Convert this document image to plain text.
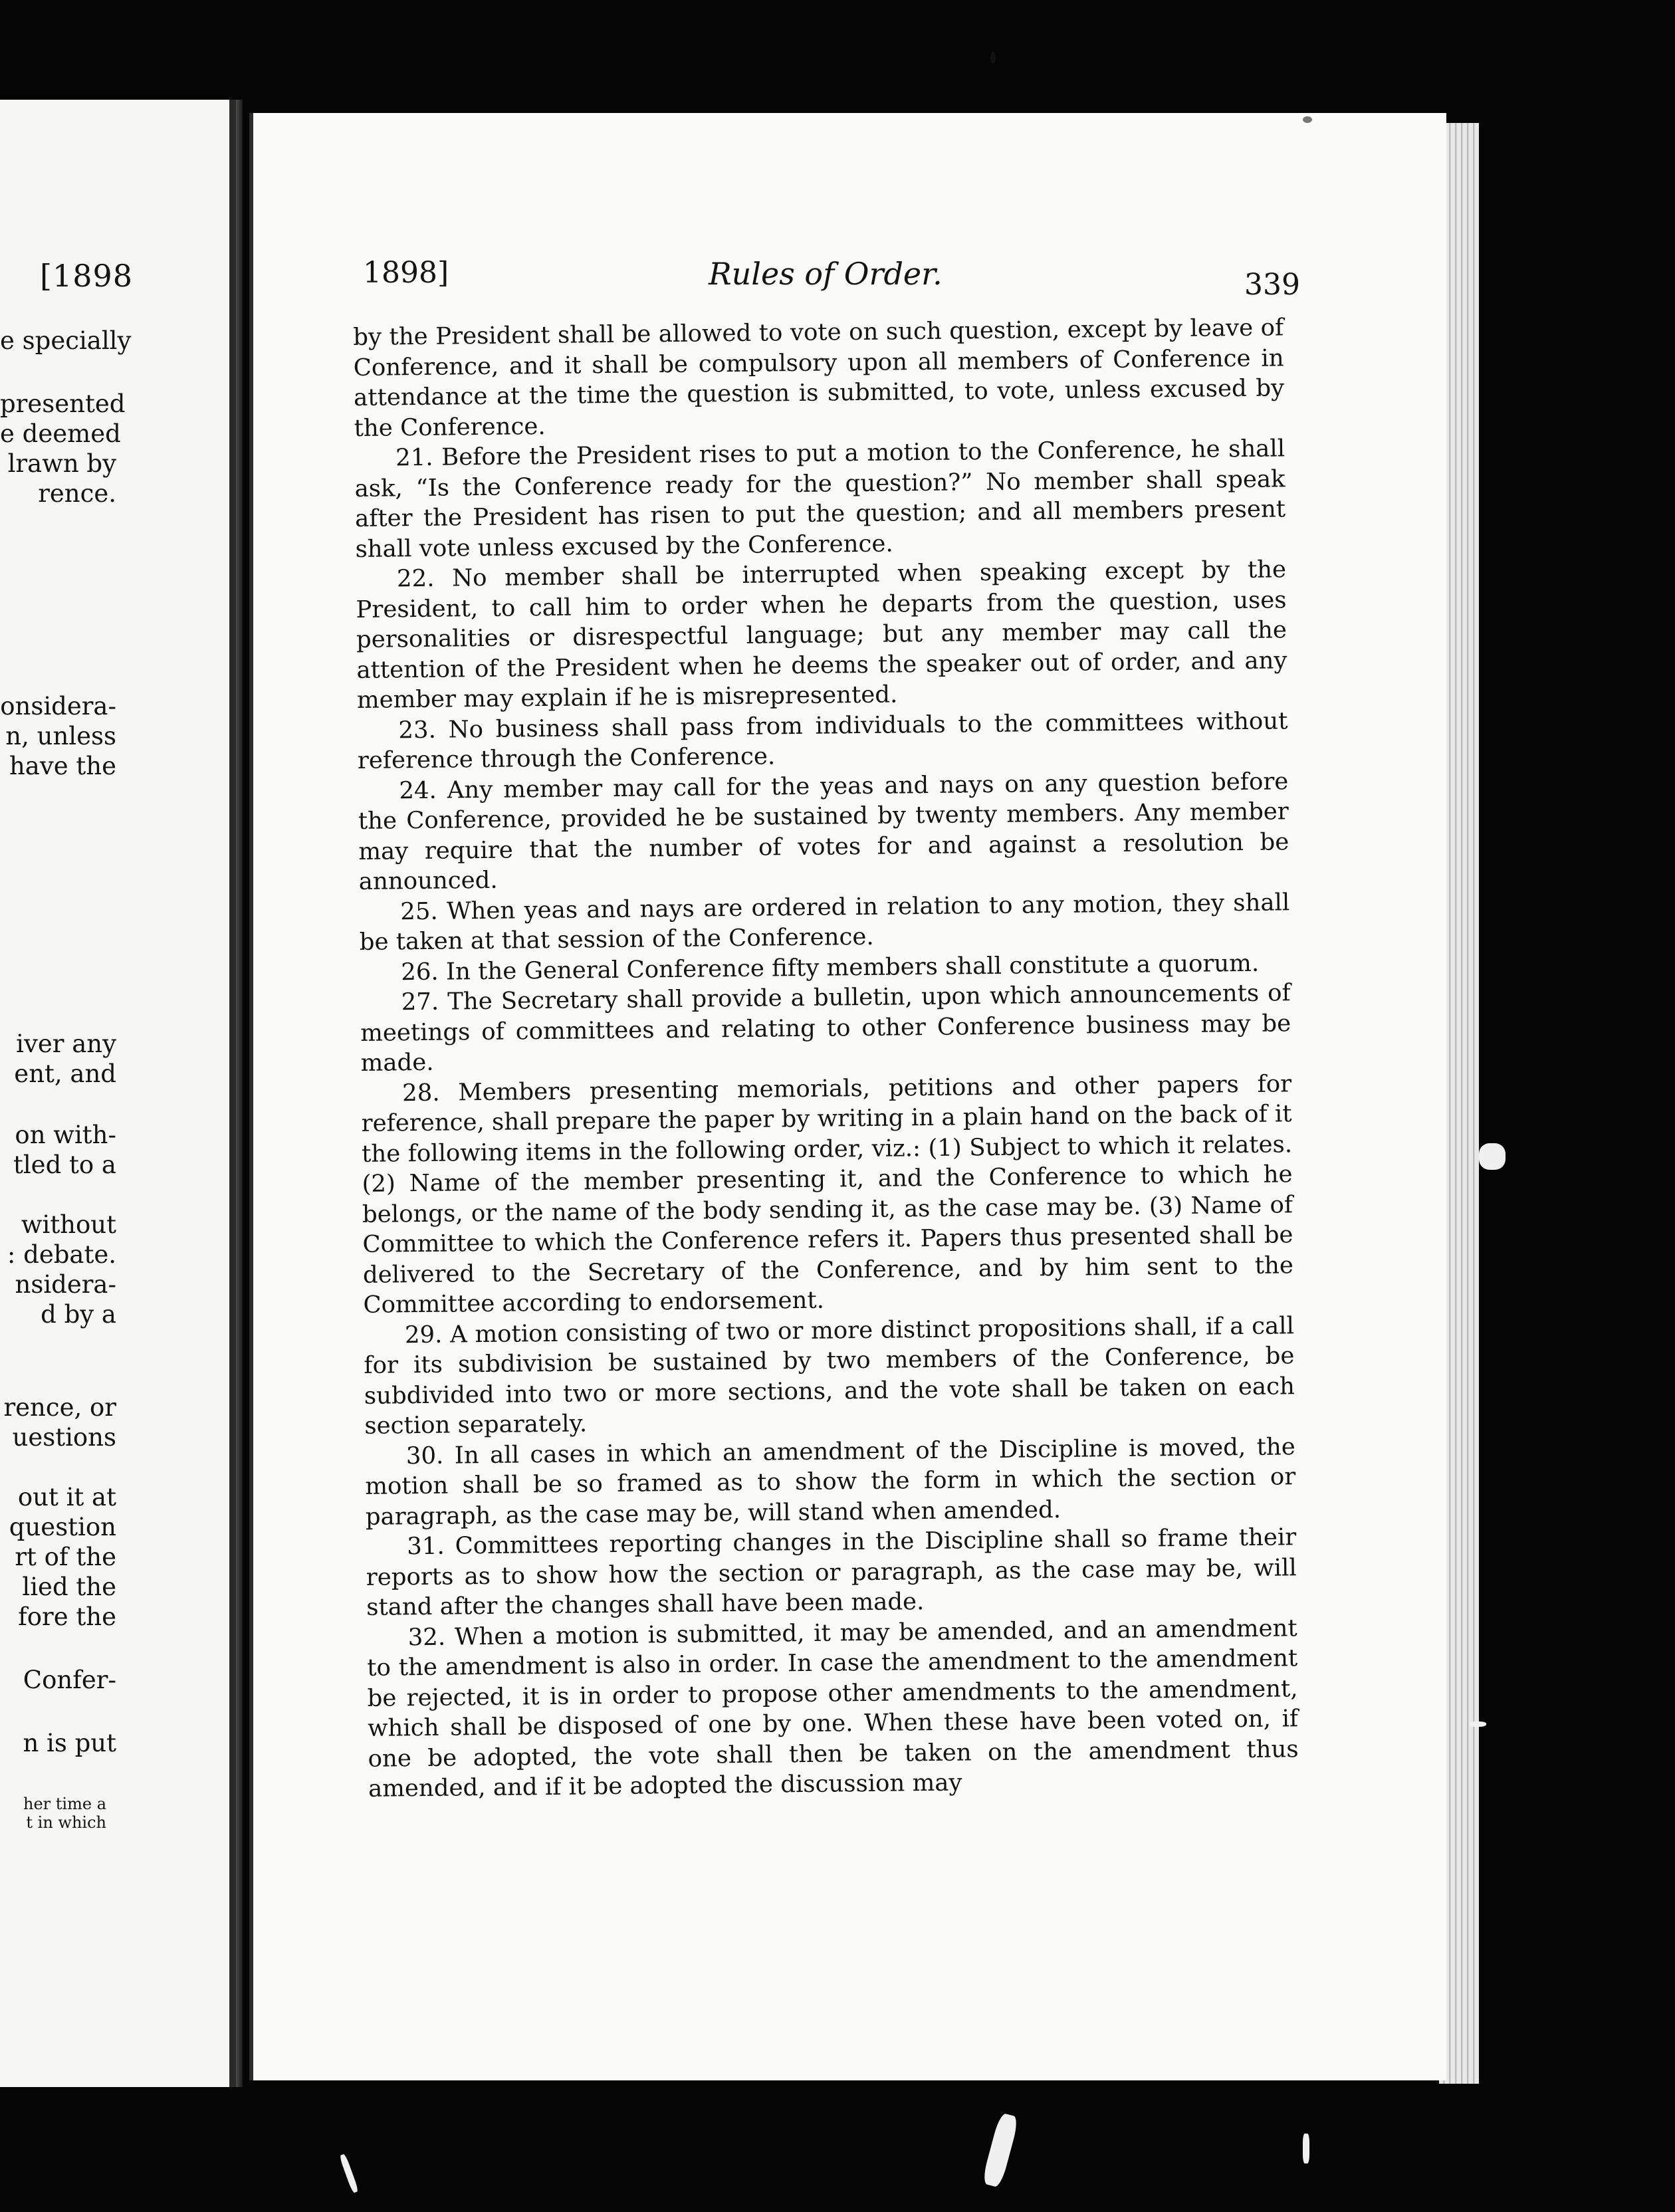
[1898
e specially
presented
e deemed
lrawn by
rence.
onsidera-
n, unless
have the
iver any
ent, and
on with-
tled to a
without
: debate.
nsidera-
d by a
rence, or
uestions
out it at
question
rt of the
lied the
fore the
Confer-
n is put
her time a
t in which
1898]	Rules of Order.	339

by the President shall be allowed to vote on such question, except by leave of Conference, and it shall be compulsory upon all members of Conference in attendance at the time the question is submitted, to vote, unless excused by the Conference.

21. Before the President rises to put a motion to the Conference, he shall ask, “Is the Conference ready for the question?” No member shall speak after the President has risen to put the question; and all members present shall vote unless excused by the Conference.

22. No member shall be interrupted when speaking except by the President, to call him to order when he departs from the question, uses personalities or disrespectful language; but any member may call the attention of the President when he deems the speaker out of order, and any member may explain if he is misrepresented.

23. No business shall pass from individuals to the committees without reference through the Conference.

24. Any member may call for the yeas and nays on any question before the Conference, provided he be sustained by twenty members. Any member may require that the number of votes for and against a resolution be announced.

25. When yeas and nays are ordered in relation to any motion, they shall be taken at that session of the Conference.

26. In the General Conference fifty members shall constitute a quorum.

27. The Secretary shall provide a bulletin, upon which announcements of meetings of committees and relating to other Conference business may be made.

28. Members presenting memorials, petitions and other papers for reference, shall prepare the paper by writing in a plain hand on the back of it the following items in the following order, viz.: (1) Subject to which it relates. (2) Name of the member presenting it, and the Conference to which he belongs, or the name of the body sending it, as the case may be. (3) Name of Committee to which the Conference refers it. Papers thus presented shall be delivered to the Secretary of the Conference, and by him sent to the Committee according to endorsement.

29. A motion consisting of two or more distinct propositions shall, if a call for its subdivision be sustained by two members of the Conference, be subdivided into two or more sections, and the vote shall be taken on each section separately.

30. In all cases in which an amendment of the Discipline is moved, the motion shall be so framed as to show the form in which the section or paragraph, as the case may be, will stand when amended.

31. Committees reporting changes in the Discipline shall so frame their reports as to show how the section or paragraph, as the case may be, will stand after the changes shall have been made.

32. When a motion is submitted, it may be amended, and an amendment to the amendment is also in order. In case the amendment to the amendment be rejected, it is in order to propose other amendments to the amendment, which shall be disposed of one by one. When these have been voted on, if one be adopted, the vote shall then be taken on the amendment thus amended, and if it be adopted the discussion may
